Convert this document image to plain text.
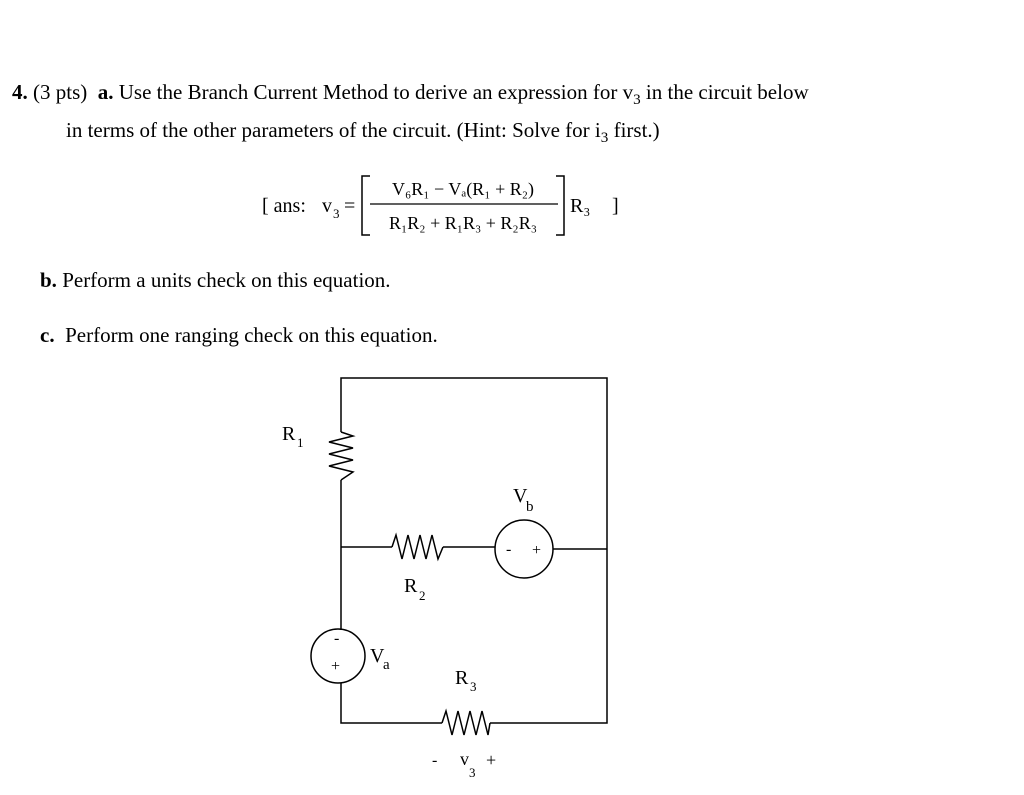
4. (3 pts) a. Use the Branch Current Method to derive an expression for $v_3$ in the circuit below
in terms of the other parameters of the circuit. (Hint: Solve for $i_3$ first.)
b. Perform a units check on this equation.
c. Perform one ranging check on this equation.
[ ans: v 3 =
V₆R₁ − Vₐ(R₁ + R₂)
R₁R₂ + R₁R₃ + R₂R₃
R₃ ]
R 1
R 2
- +
V
b
-
+ V
a
R 3
- v
3
+
